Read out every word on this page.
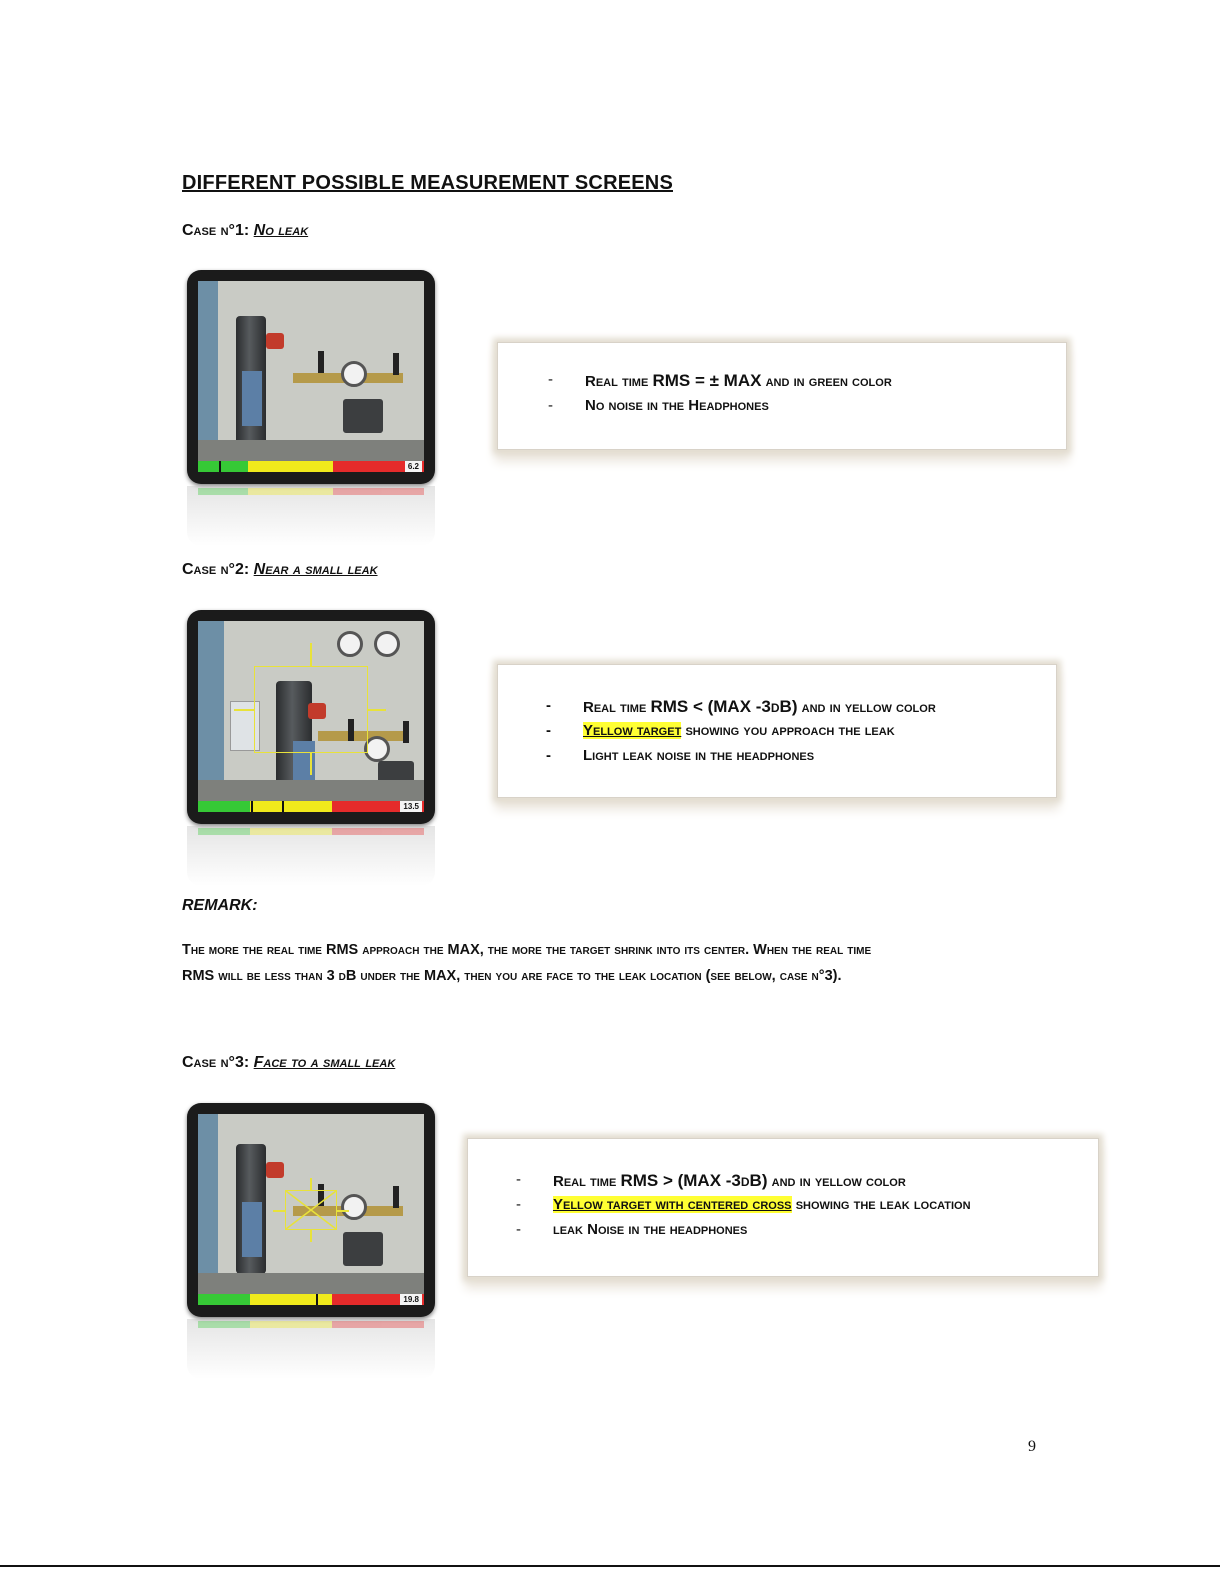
DIFFERENT POSSIBLE MEASUREMENT SCREENS
Case n°1: No leak
6.2
- Real time RMS = ± MAX and in green color
- No noise in the Headphones
Case n°2: Near a small leak
13.5
- Real time RMS < (MAX -3dB) and in yellow color
- Yellow target showing you approach the leak
- Light leak noise in the headphones
REMARK:
The more the real time RMS approach the MAX, the more the target shrink into its center. When the real time
RMS will be less than 3 dB under the MAX, then you are face to the leak location (see below, case n°3).
Case n°3: Face to a small leak
19.8
- Real time RMS > (MAX -3dB) and in yellow color
- Yellow target with centered cross showing the leak location
- leak Noise in the headphones
9
